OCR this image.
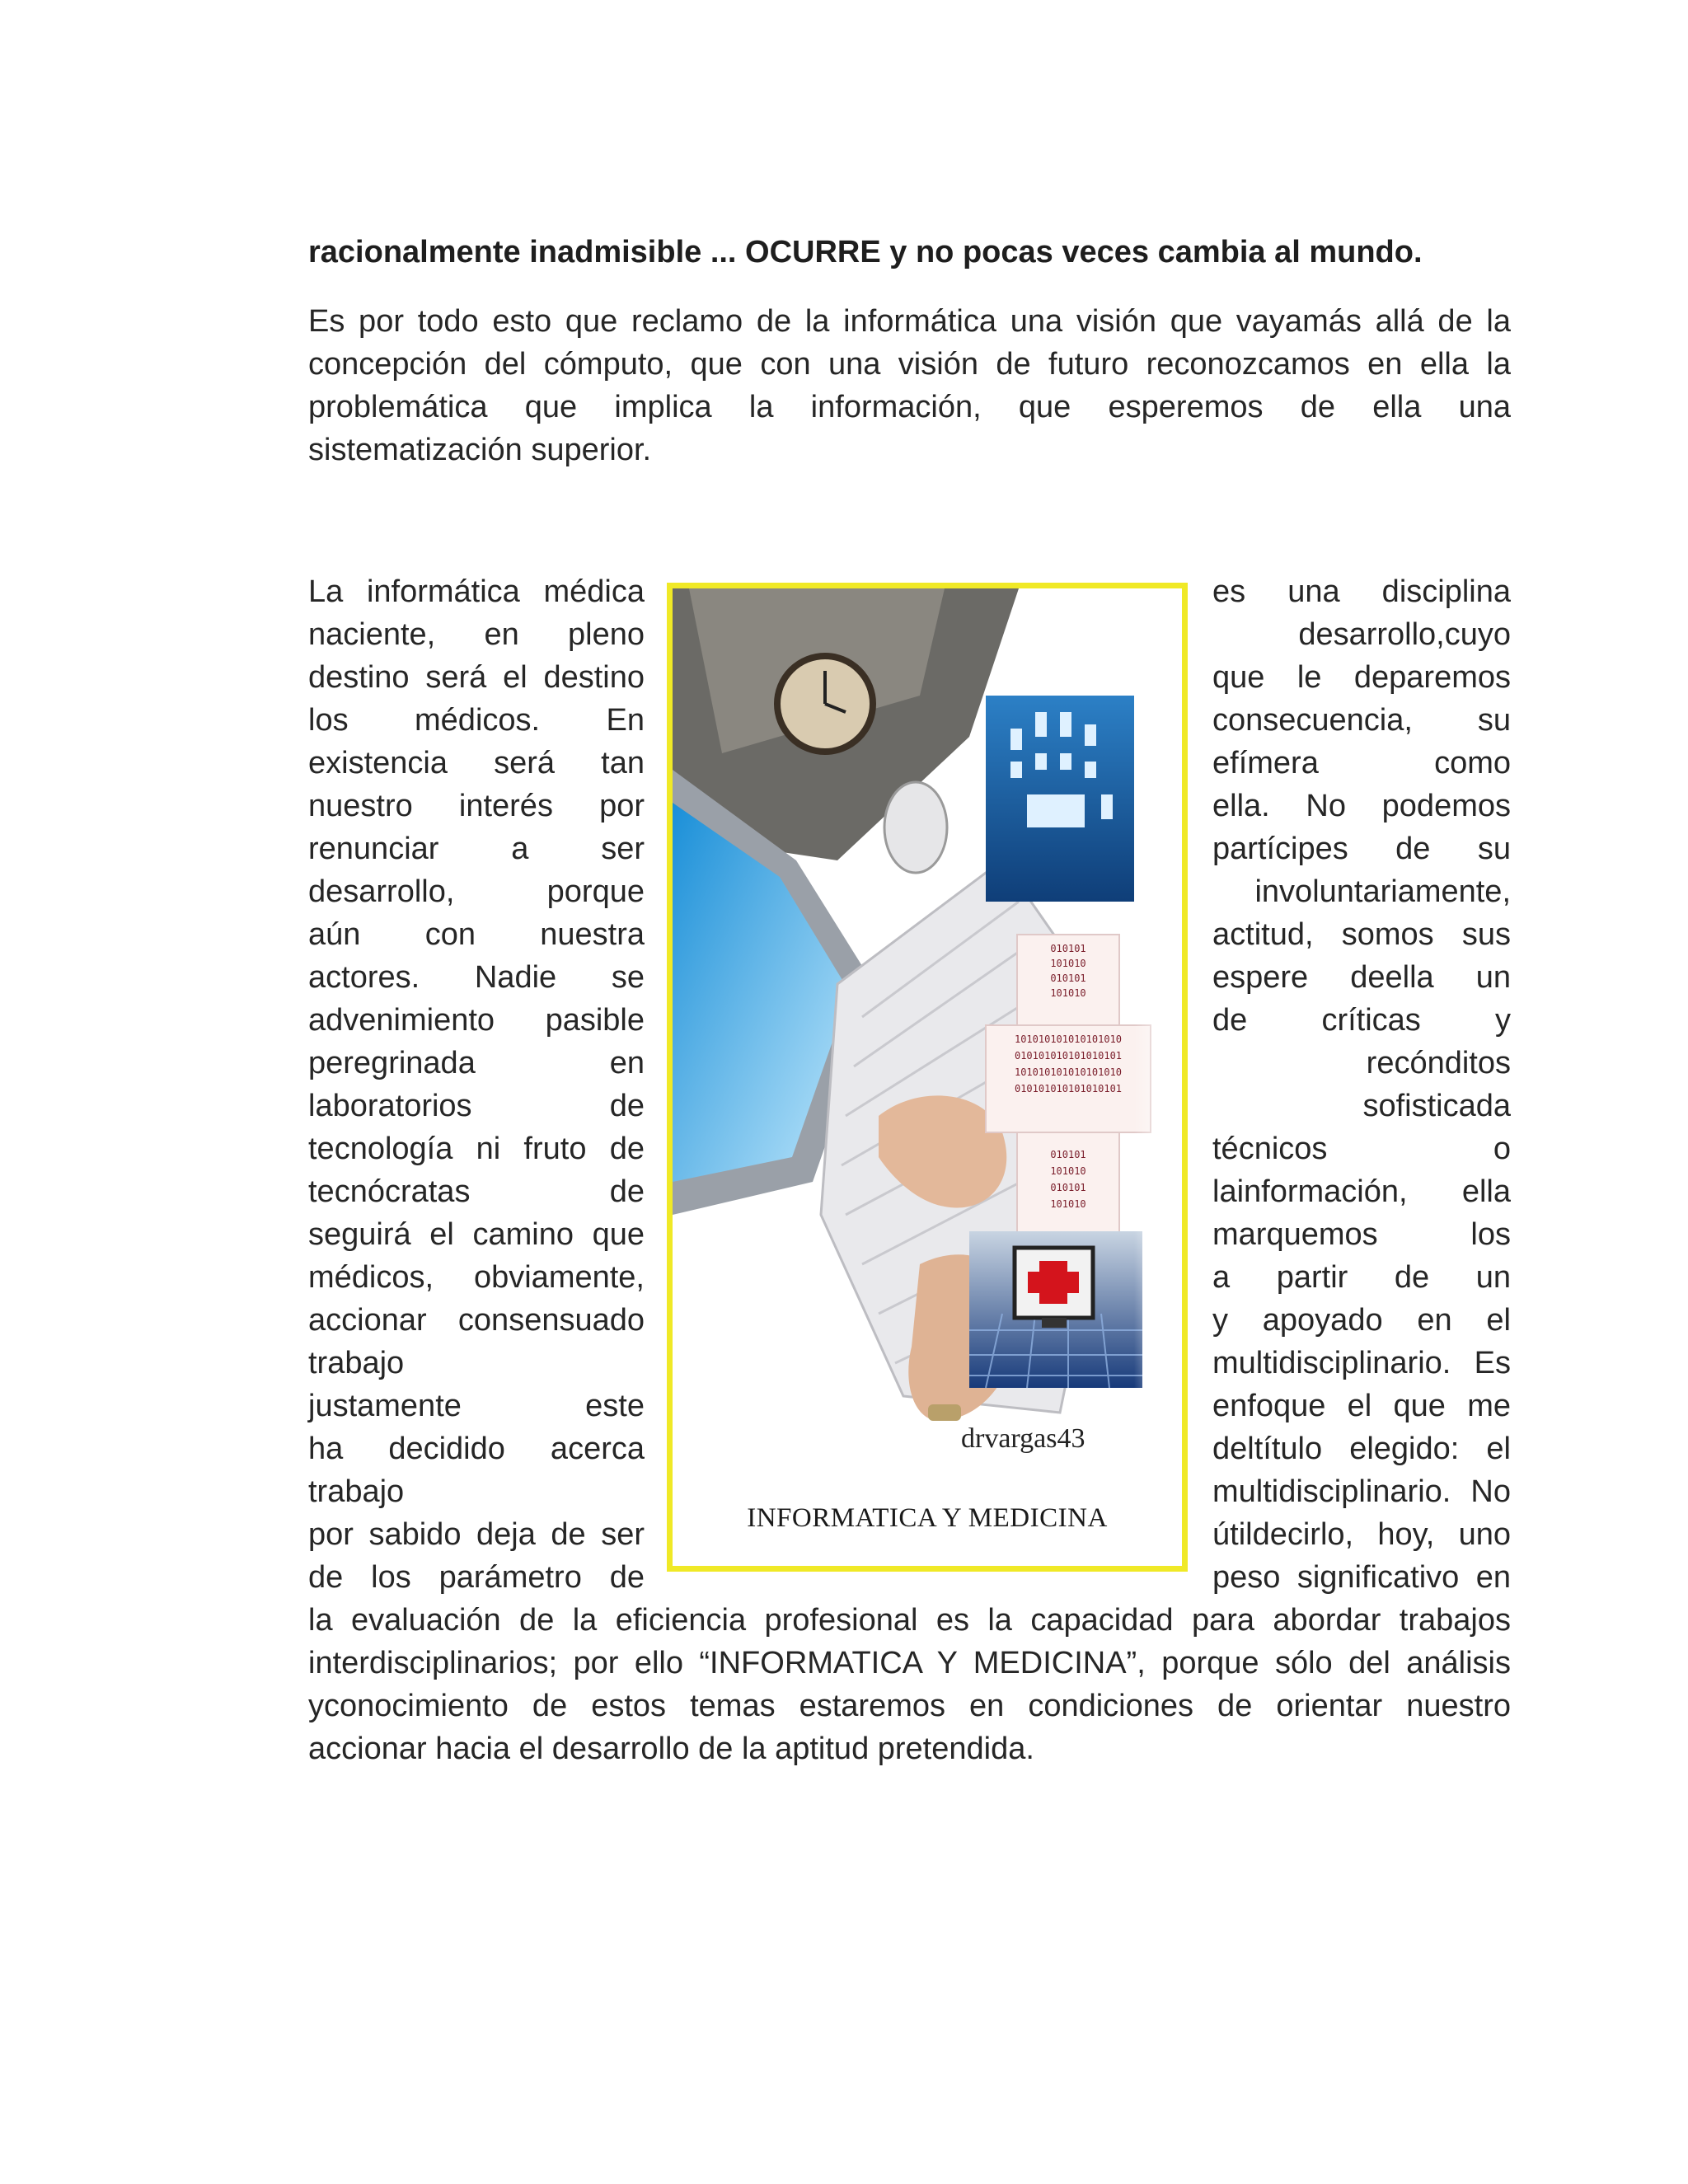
racionalmente inadmisible ... OCURRE y no pocas veces cambia al mundo.
Es por todo esto que reclamo de la informática una visión que vayamás allá de la
concepción del cómputo, que con una visión de futuro reconozcamos en ella la
problemática que implica la información, que esperemos de ella una
sistematización superior.
La informática médica
naciente, en pleno
destino será el destino
los médicos. En
existencia será tan
nuestro interés por
renunciar a ser
desarrollo, porque
aún con nuestra
actores. Nadie se
advenimiento pasible
peregrinada en
laboratorios de
tecnología ni fruto de
tecnócratas de
seguirá el camino que
médicos, obviamente,
accionar consensuado
trabajo
justamente este
ha decidido acerca
trabajo
por sabido deja de ser
de los parámetro de
es una disciplina
desarrollo,cuyo
que le deparemos
consecuencia, su
efímera como
ella. No podemos
partícipes de su
involuntariamente,
actitud, somos sus
espere deella un
de críticas y
recónditos
sofisticada
técnicos o
lainformación, ella
marquemos los
a partir de un
y apoyado en el
multidisciplinario. Es
enfoque el que me
deltítulo elegido: el
multidisciplinario. No
útildecirlo, hoy, uno
peso significativo en
la evaluación de la eficiencia profesional es la capacidad para abordar trabajos
interdisciplinarios; por ello “INFORMATICA Y MEDICINA”, porque sólo del análisis
yconocimiento de estos temas estaremos en condiciones de orientar nuestro
accionar hacia el desarrollo de la aptitud pretendida.
010101
101010
010101
101010
101010101010101010
010101010101010101
101010101010101010
010101010101010101
010101
101010
010101
101010
drvargas43
INFORMATICA Y MEDICINA
